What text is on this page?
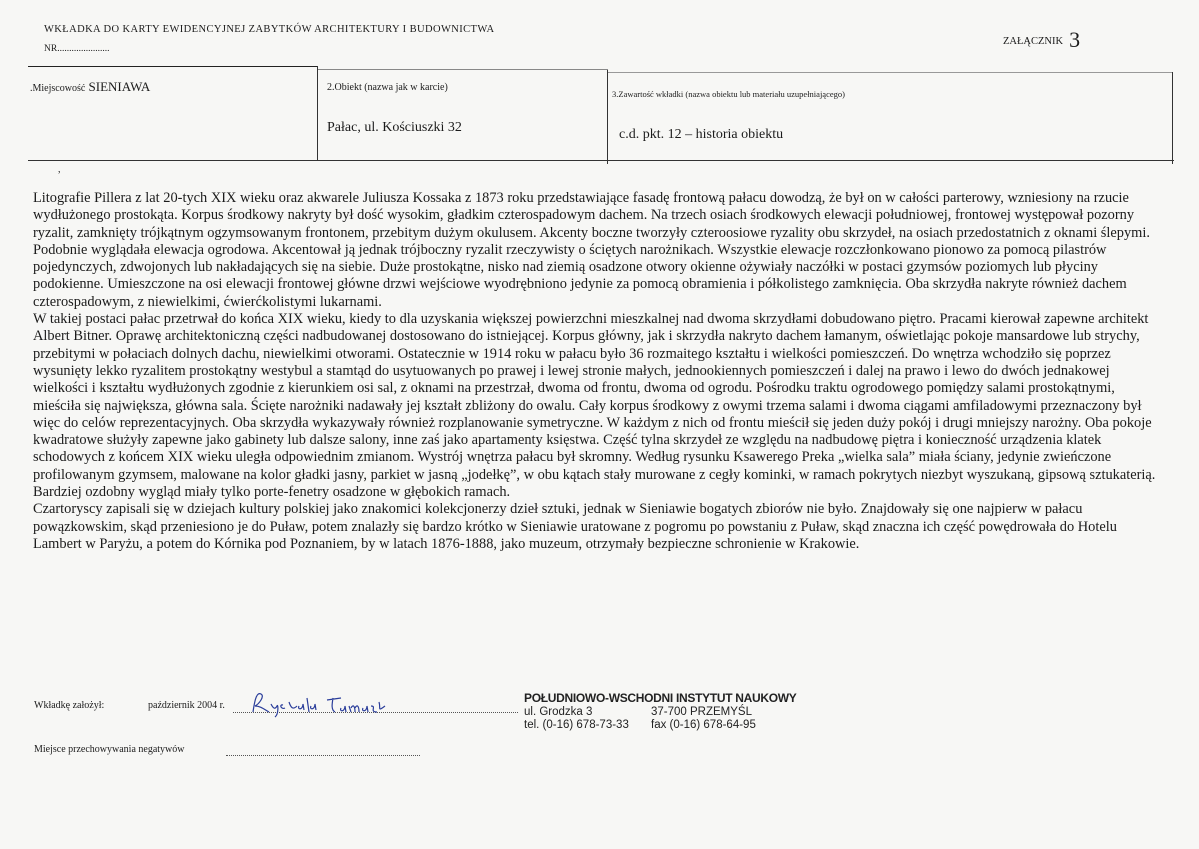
WKŁADKA DO KARTY EWIDENCYJNEJ ZABYTKÓW ARCHITEKTURY I BUDOWNICTWA
NR......................
ZAŁĄCZNIK 3
,
.Miejscowość SIENIAWA	2.Obiekt (nazwa jak w karcie)
Pałac, ul. Kościuszki 32
3.Zawartość wkładki (nazwa obiektu lub materiału uzupełniającego)
c.d. pkt. 12 – historia obiektu

Litografie Pillera z lat 20-tych XIX wieku oraz akwarele Juliusza Kossaka z 1873 roku przedstawiające fasadę frontową pałacu dowodzą, że był on w całości parterowy, wzniesiony na rzucie wydłużonego prostokąta. Korpus środkowy nakryty był dość wysokim, gładkim czterospadowym dachem. Na trzech osiach środkowych elewacji południowej, frontowej występował pozorny ryzalit, zamknięty trójkątnym ogzymsowanym frontonem, przebitym dużym okulusem. Akcenty boczne tworzyły czteroosiowe ryzality obu skrzydeł, na osiach przedostatnich z oknami ślepymi. Podobnie wyglądała elewacja ogrodowa. Akcentował ją jednak trójboczny ryzalit rzeczywisty o ściętych narożnikach. Wszystkie elewacje rozczłonkowano pionowo za pomocą pilastrów pojedynczych, zdwojonych lub nakładających się na siebie. Duże prostokątne, nisko nad ziemią osadzone otwory okienne ożywiały naczółki w postaci gzymsów poziomych lub płyciny podokienne. Umieszczone na osi elewacji frontowej główne drzwi wejściowe wyodrębniono jedynie za pomocą obramienia i półkolistego zamknięcia. Oba skrzydła nakryte również dachem czterospadowym, z niewielkimi, ćwierćkolistymi lukarnami.

W takiej postaci pałac przetrwał do końca XIX wieku, kiedy to dla uzyskania większej powierzchni mieszkalnej nad dwoma skrzydłami dobudowano piętro. Pracami kierował zapewne architekt Albert Bitner. Oprawę architektoniczną części nadbudowanej dostosowano do istniejącej. Korpus główny, jak i skrzydła nakryto dachem łamanym, oświetlając pokoje mansardowe lub strychy, przebitymi w połaciach dolnych dachu, niewielkimi otworami. Ostatecznie w 1914 roku w pałacu było 36 rozmaitego kształtu i wielkości pomieszczeń. Do wnętrza wchodziło się poprzez wysunięty lekko ryzalitem prostokątny westybul a stamtąd do usytuowanych po prawej i lewej stronie małych, jednookiennych pomieszczeń i dalej na prawo i lewo do dwóch jednakowej wielkości i kształtu wydłużonych zgodnie z kierunkiem osi sal, z oknami na przestrzał, dwoma od frontu, dwoma od ogrodu. Pośrodku traktu ogrodowego pomiędzy salami prostokątnymi, mieściła się największa, główna sala. Ścięte narożniki nadawały jej kształt zbliżony do owalu. Cały korpus środkowy z owymi trzema salami i dwoma ciągami amfiladowymi przeznaczony był więc do celów reprezentacyjnych. Oba skrzydła wykazywały również rozplanowanie symetryczne. W każdym z nich od frontu mieścił się jeden duży pokój i drugi mniejszy narożny. Oba pokoje kwadratowe służyły zapewne jako gabinety lub dalsze salony, inne zaś jako apartamenty księstwa. Część tylna skrzydeł ze względu na nadbudowę piętra i konieczność urządzenia klatek schodowych z końcem XIX wieku uległa odpowiednim zmianom. Wystrój wnętrza pałacu był skromny. Według rysunku Ksawerego Preka „wielka sala” miała ściany, jedynie zwieńczone profilowanym gzymsem, malowane na kolor gładki jasny, parkiet w jasną „jodełkę”, w obu kątach stały murowane z cegły kominki, w ramach pokrytych niezbyt wyszukaną, gipsową sztukaterią. Bardziej ozdobny wygląd miały tylko porte-fenetry osadzone w głębokich ramach.

Czartoryscy zapisali się w dziejach kultury polskiej jako znakomici kolekcjonerzy dzieł sztuki, jednak w Sieniawie bogatych zbiorów nie było. Znajdowały się one najpierw w pałacu powązkowskim, skąd przeniesiono je do Puław, potem znalazły się bardzo krótko w Sieniawie uratowane z pogromu po powstaniu z Puław, skąd znaczna ich część powędrowała do Hotelu Lambert w Paryżu, a potem do Kórnika pod Poznaniem, by w latach 1876-1888, jako muzeum, otrzymały bezpieczne schronienie w Krakowie.

Wkładkę założył:	październik 2004 r.
POŁUDNIOWO-WSCHODNI INSTYTUT NAUKOWY
ul. Grodzka 3	37-700 PRZEMYŚL
tel. (0-16) 678-73-33	fax (0-16) 678-64-95
Miejsce przechowywania negatywów
